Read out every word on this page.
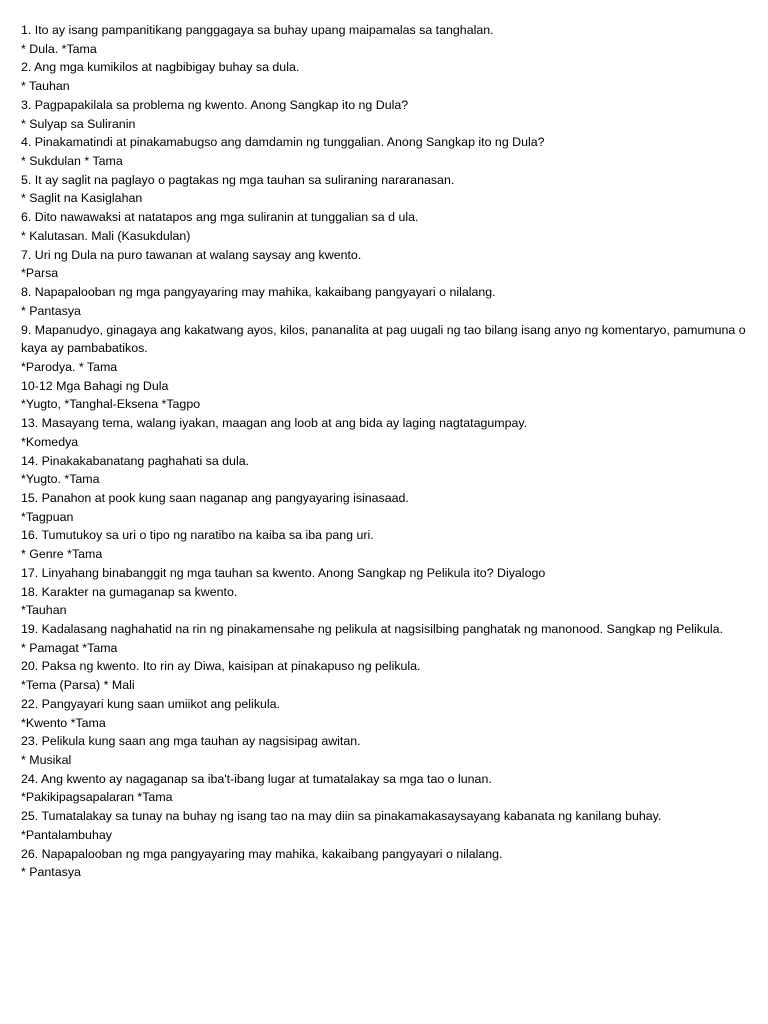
1. Ito ay isang pampanitikang panggagaya sa buhay upang maipamalas sa tanghalan.
* Dula. *Tama
2. Ang mga kumikilos at nagbibigay buhay sa dula.
* Tauhan
3. Pagpapakilala sa problema ng kwento. Anong Sangkap ito ng Dula?
* Sulyap sa Suliranin
4. Pinakamatindi at pinakamabugso ang damdamin ng tunggalian. Anong Sangkap ito ng Dula?
* Sukdulan * Tama
5. It ay saglit na paglayo o pagtakas ng mga tauhan sa suliraning nararanasan.
* Saglit na Kasiglahan
6. Dito nawawaksi at natatapos ang mga suliranin at tunggalian sa d ula.
* Kalutasan. Mali (Kasukdulan)
7. Uri ng Dula na puro tawanan at walang saysay ang kwento.
*Parsa
8. Napapalooban ng mga pangyayaring may mahika, kakaibang pangyayari o nilalang.
* Pantasya
9. Mapanudyo, ginagaya ang kakatwang ayos, kilos, pananalita at pag uugali ng tao bilang isang anyo ng komentaryo, pamumuna o kaya ay pambabatikos.
*Parodya. * Tama
10-12 Mga Bahagi ng Dula
*Yugto, *Tanghal-Eksena *Tagpo
13. Masayang tema, walang iyakan, maagan ang loob at ang bida ay laging nagtatagumpay.
*Komedya
14. Pinakakabanatang paghahati sa dula.
*Yugto. *Tama
15. Panahon at pook kung saan naganap ang pangyayaring isinasaad.
*Tagpuan
16. Tumutukoy sa uri o tipo ng naratibo na kaiba sa iba pang uri.
* Genre *Tama
17. Linyahang binabanggit ng mga tauhan sa kwento. Anong Sangkap ng Pelikula ito? Diyalogo
18. Karakter na gumaganap sa kwento.
*Tauhan
19. Kadalasang naghahatid na rin ng pinakamensahe ng pelikula at nagsisilbing panghatak ng manonood. Sangkap ng Pelikula.
* Pamagat *Tama
20. Paksa ng kwento. Ito rin ay Diwa, kaisipan at pinakapuso ng pelikula.
*Tema (Parsa) * Mali
22. Pangyayari kung saan umiikot ang pelikula.
*Kwento *Tama
23. Pelikula kung saan ang mga tauhan ay nagsisipag awitan.
* Musikal
24. Ang kwento ay nagaganap sa iba't-ibang lugar at tumatalakay sa mga tao o lunan.
*Pakikipagsapalaran *Tama
25. Tumatalakay sa tunay na buhay ng isang tao na may diin sa pinakamakasaysayang kabanata ng kanilang buhay.
*Pantalambuhay
26. Napapalooban ng mga pangyayaring may mahika, kakaibang pangyayari o nilalang.
* Pantasya
